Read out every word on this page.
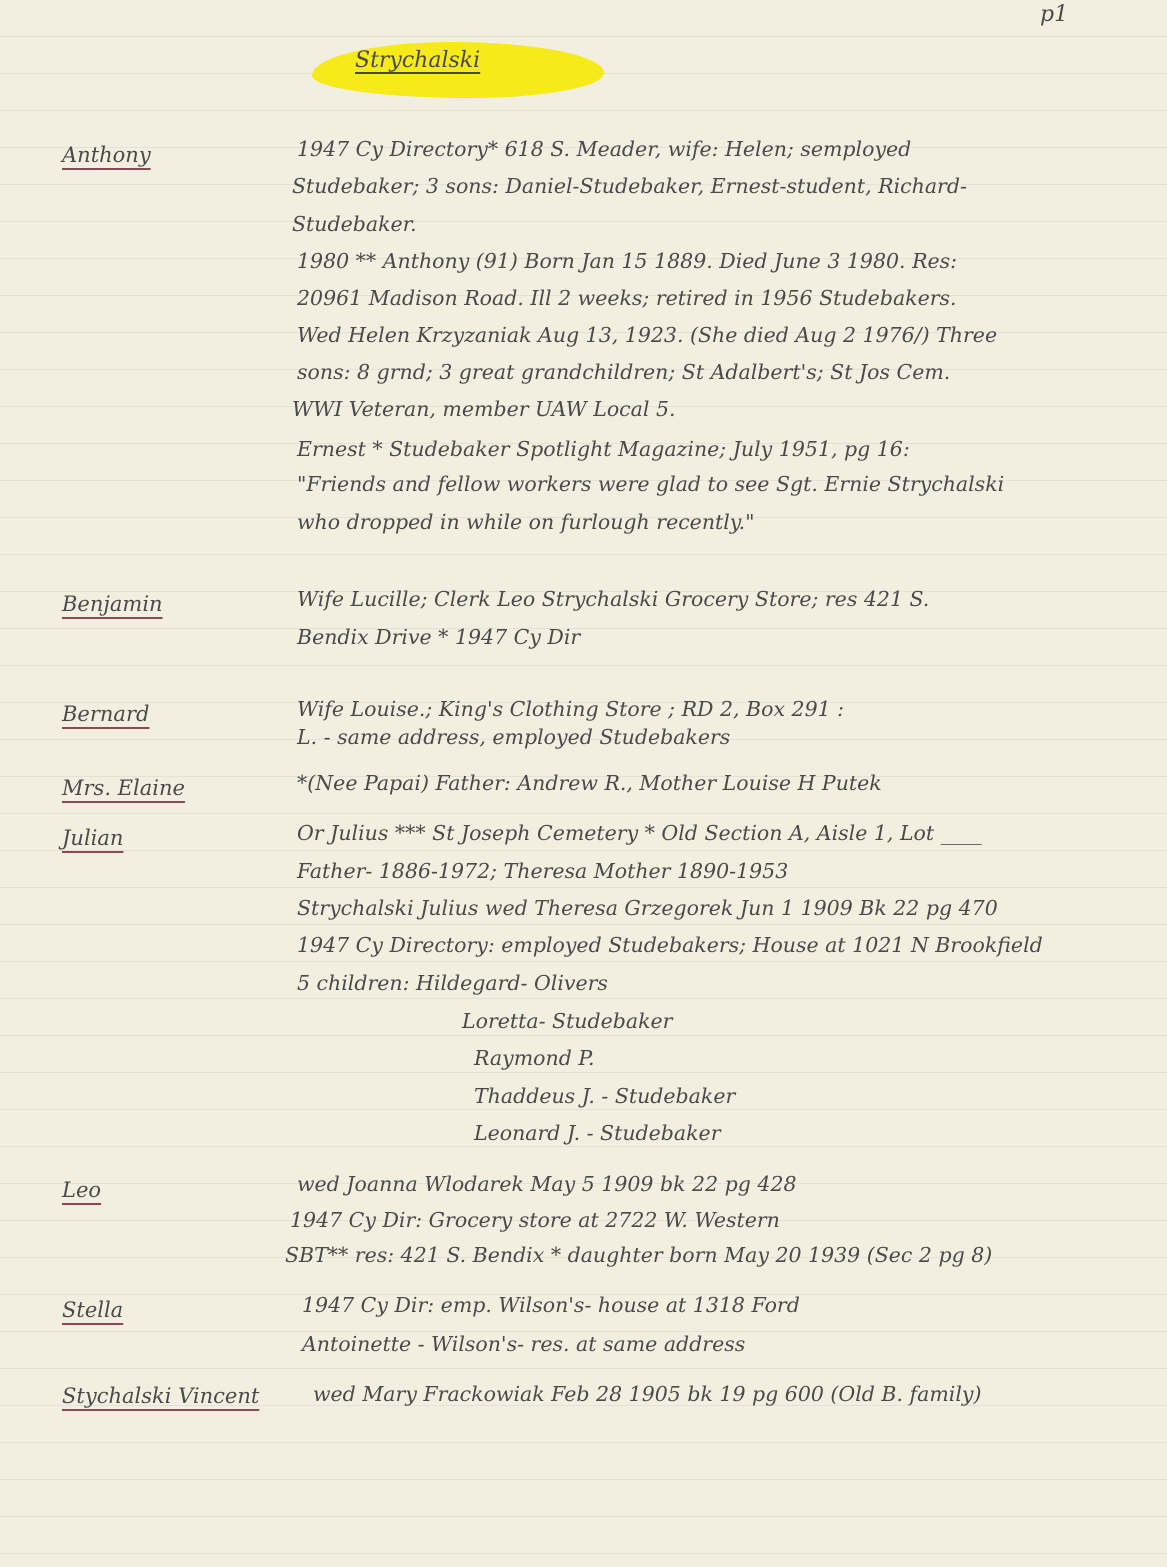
p1
Strychalski
Anthony	1947 Cy Directory* 618 S. Meader, wife: Helen; semployed
Studebaker; 3 sons: Daniel-Studebaker, Ernest-student, Richard-
Studebaker.
1980 ** Anthony (91) Born Jan 15 1889. Died June 3 1980. Res:
20961 Madison Road. Ill 2 weeks; retired in 1956 Studebakers.
Wed Helen Krzyzaniak Aug 13, 1923. (She died Aug 2 1976/) Three
sons: 8 grnd; 3 great grandchildren; St Adalbert's; St Jos Cem.
WWI Veteran, member UAW Local 5.
Ernest * Studebaker Spotlight Magazine; July 1951, pg 16:
"Friends and fellow workers were glad to see Sgt. Ernie Strychalski
who dropped in while on furlough recently."
Benjamin	Wife Lucille; Clerk Leo Strychalski Grocery Store; res 421 S.
Bendix Drive * 1947 Cy Dir
Bernard	Wife Louise.; King's Clothing Store ; RD 2, Box 291 :
L. - same address, employed Studebakers
Mrs. Elaine	*(Nee Papai) Father: Andrew R., Mother Louise H Putek
Julian	Or Julius *** St Joseph Cemetery * Old Section A, Aisle 1, Lot ____
Father- 1886-1972; Theresa Mother 1890-1953
Strychalski Julius wed Theresa Grzegorek Jun 1 1909 Bk 22 pg 470
1947 Cy Directory: employed Studebakers; House at 1021 N Brookfield
5 children: Hildegard- Olivers
Loretta- Studebaker
Raymond P.
Thaddeus J. - Studebaker
Leonard J. - Studebaker
Leo	wed Joanna Wlodarek May 5 1909 bk 22 pg 428
1947 Cy Dir: Grocery store at 2722 W. Western
SBT** res: 421 S. Bendix * daughter born May 20 1939 (Sec 2 pg 8)
Stella	1947 Cy Dir: emp. Wilson's- house at 1318 Ford
Antoinette - Wilson's- res. at same address
Stychalski Vincent	wed Mary Frackowiak Feb 28 1905 bk 19 pg 600 (Old B. family)
